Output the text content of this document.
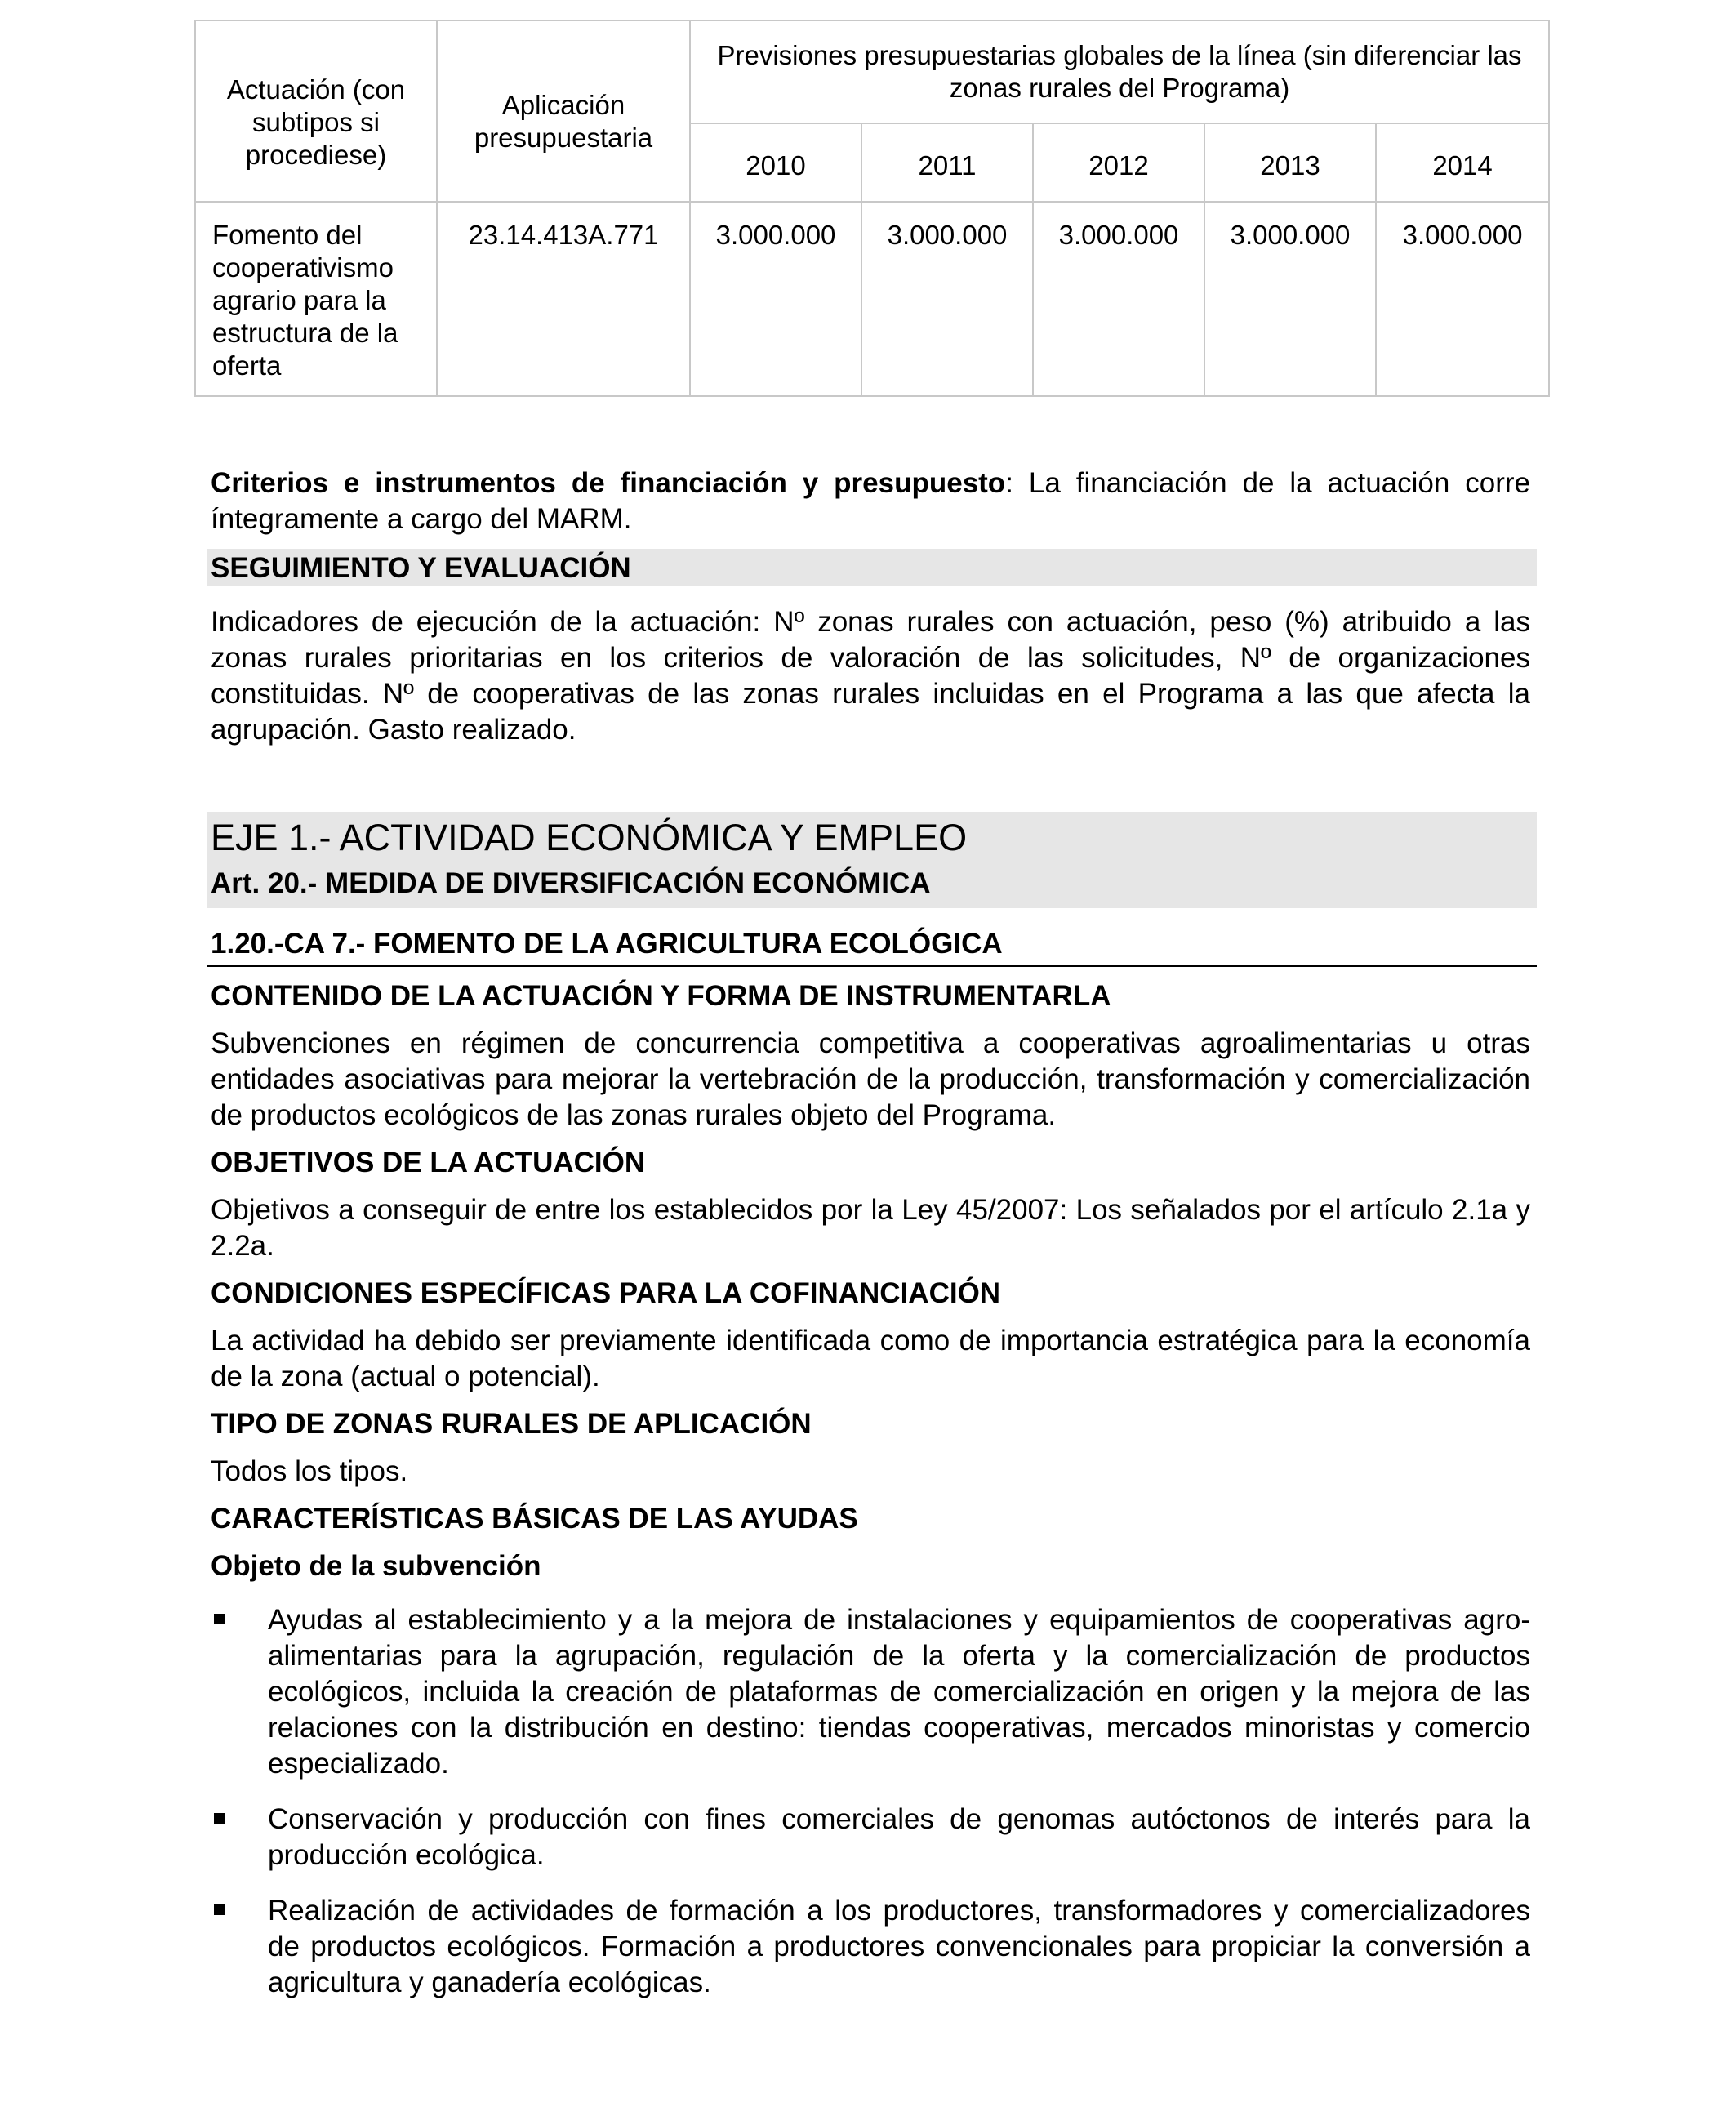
Actuación (con subtipos si procediese)	Aplicación presupuestaria	Previsiones presupuestarias globales de la línea (sin diferenciar las zonas rurales del Programa)				
		2010	2011	2012	2013	2014
Fomento del cooperativismo agrario para la estructura de la oferta	23.14.413A.771	3.000.000	3.000.000	3.000.000	3.000.000	3.000.000

Criterios e instrumentos de financiación y presupuesto: La financiación de la actuación corre íntegramente a cargo del MARM.

SEGUIMIENTO Y EVALUACIÓN

Indicadores de ejecución de la actuación: Nº zonas rurales con actuación, peso (%) atribuido a las zonas rurales prioritarias en los criterios de valoración de las solicitudes, Nº de organizaciones constituidas. Nº de cooperativas de las zonas rurales incluidas en el Programa a las que afecta la agrupación. Gasto realizado.

EJE 1.- ACTIVIDAD ECONÓMICA Y EMPLEO

Art. 20.- MEDIDA DE DIVERSIFICACIÓN ECONÓMICA

1.20.-CA 7.- FOMENTO DE LA AGRICULTURA ECOLÓGICA

CONTENIDO DE LA ACTUACIÓN Y FORMA DE INSTRUMENTARLA

Subvenciones en régimen de concurrencia competitiva a cooperativas agroalimentarias u otras entidades asociativas para mejorar la vertebración de la producción, transformación y comercialización de productos ecológicos de las zonas rurales objeto del Programa.

OBJETIVOS DE LA ACTUACIÓN

Objetivos a conseguir de entre los establecidos por la Ley 45/2007: Los señalados por el artículo 2.1a y 2.2a.

CONDICIONES ESPECÍFICAS PARA LA COFINANCIACIÓN

La actividad ha debido ser previamente identificada como de importancia estratégica para la economía de la zona (actual o potencial).

TIPO DE ZONAS RURALES DE APLICACIÓN

Todos los tipos.

CARACTERÍSTICAS BÁSICAS DE LAS AYUDAS

Objeto de la subvención

Ayudas al establecimiento y a la mejora de instalaciones y equipamientos de cooperativas agro-alimentarias para la agrupación, regulación de la oferta y la comercialización de productos ecológicos, incluida la creación de plataformas de comercialización en origen y la mejora de las relaciones con la distribución en destino: tiendas cooperativas, mercados minoristas y comercio especializado.
Conservación y producción con fines comerciales de genomas autóctonos de interés para la producción ecológica.
Realización de actividades de formación a los productores, transformadores y comercializadores de productos ecológicos. Formación a productores convencionales para propiciar la conversión a agricultura y ganadería ecológicas.
